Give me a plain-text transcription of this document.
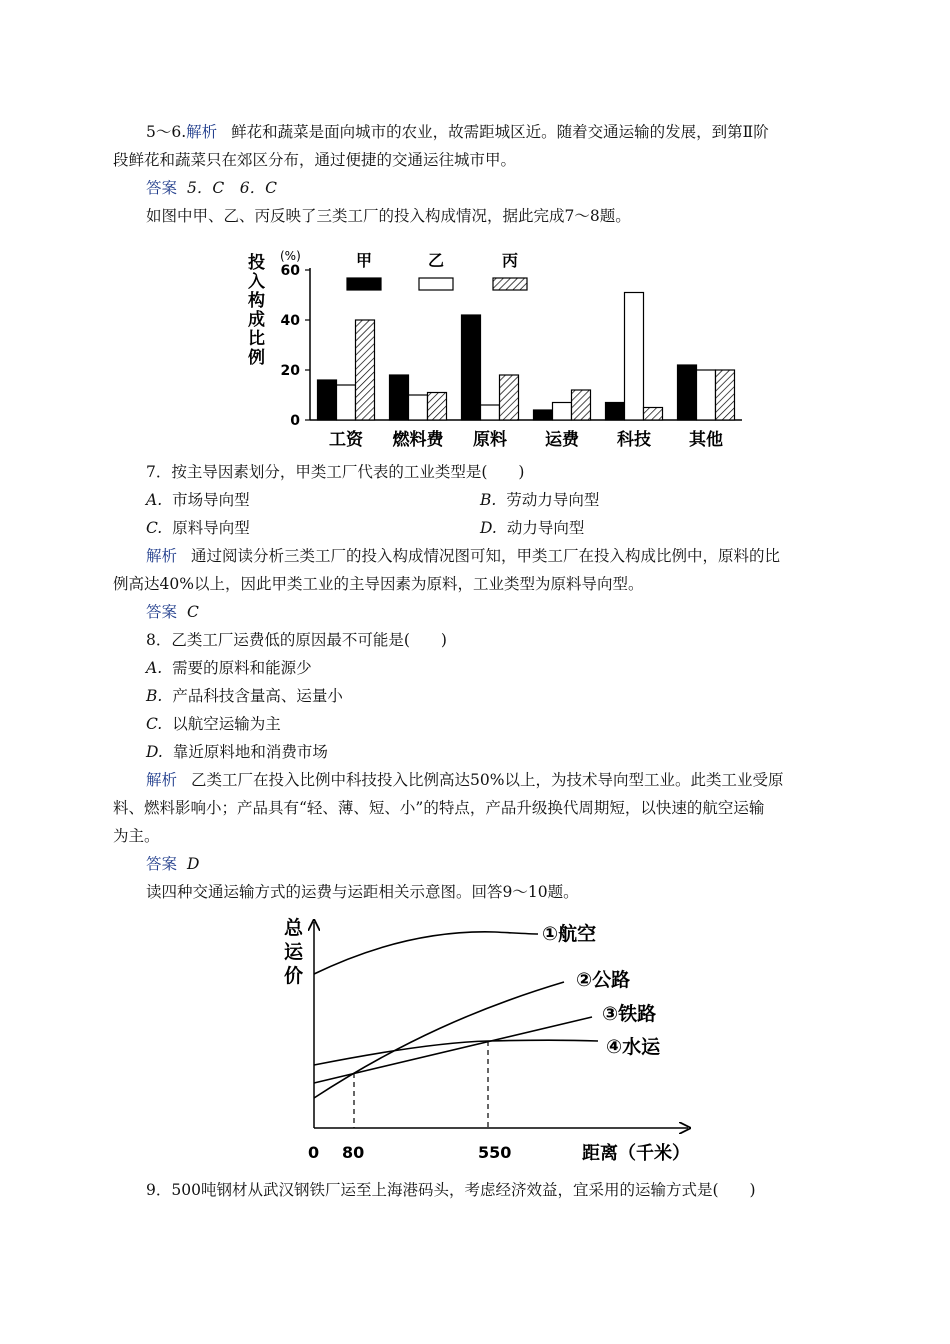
5～6.解析 鲜花和蔬菜是面向城市的农业，故需距城区近。随着交通运输的发展，到第Ⅱ阶
段鲜花和蔬菜只在郊区分布，通过便捷的交通运往城市甲。
答案 5．C　6．C
如图中甲、乙、丙反映了三类工厂的投入构成情况，据此完成7～8题。
投
入
构
成
比
例
(%)
0
20
40
60
工资 燃料费 原料 运费 科技 其他
甲	乙	丙
7．按主导因素划分，甲类工厂代表的工业类型是(　　)
A. 市场导向型	B. 劳动力导向型
C. 原料导向型	D. 动力导向型
解析 通过阅读分析三类工厂的投入构成情况图可知，甲类工厂在投入构成比例中，原料的比
例高达40%以上，因此甲类工业的主导因素为原料，工业类型为原料导向型。
答案 C
8．乙类工厂运费低的原因最不可能是(　　)
A. 需要的原料和能源少
B. 产品科技含量高、运量小
C. 以航空运输为主
D. 靠近原料地和消费市场
解析 乙类工厂在投入比例中科技投入比例高达50%以上，为技术导向型工业。此类工业受原
料、燃料影响小；产品具有“轻、薄、短、小”的特点，产品升级换代周期短，以快速的航空运输
为主。
答案 D
读四种交通运输方式的运费与运距相关示意图。回答9～10题。
总
运
价
0 80	550	距离（千米）
①航空
②公路
③铁路
④水运
9．500吨钢材从武汉钢铁厂运至上海港码头，考虑经济效益，宜采用的运输方式是(　　)
